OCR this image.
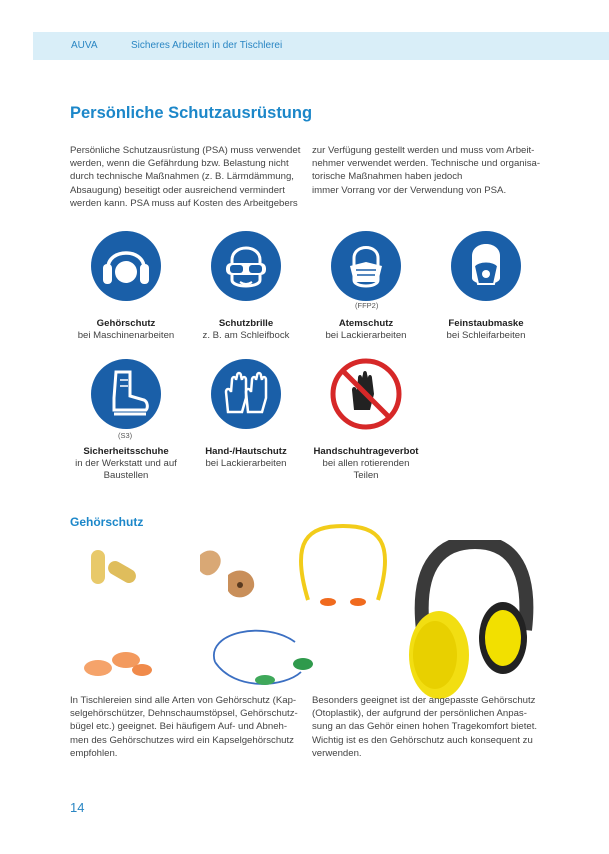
AUVA	Sicheres Arbeiten in der Tischlerei
Persönliche Schutzausrüstung

Persönliche Schutzausrüstung (PSA) muss verwendet
werden, wenn die Gefährdung bzw. Belastung nicht
durch technische Maßnahmen (z. B. Lärmdämmung,
Absaugung) beseitigt oder ausreichend vermindert
werden kann. PSA muss auf Kosten des Arbeitgebers

zur Verfügung gestellt werden und muss vom Arbeit-
nehmer verwendet werden. Technische und organisa-
torische Maßnahmen haben jedoch
immer Vorrang vor der Verwendung von PSA.

(FFP2)
Gehörschutz
bei Maschinenarbeiten
Schutzbrille
z. B. am Schleifbock
Atemschutz
bei Lackierarbeiten
Feinstaubmaske
bei Schleifarbeiten
(S3)
Sicherheitsschuhe
in der Werkstatt und auf
Baustellen
Hand-/Hautschutz
bei Lackierarbeiten
Handschuhtrageverbot
bei allen rotierenden
Teilen
Gehörschutz

In Tischlereien sind alle Arten von Gehörschutz (Kap-
selgehörschützer, Dehnschaumstöpsel, Gehörschutz-
bügel etc.) geeignet. Bei häufigem Auf- und Abneh-
men des Gehörschutzes wird ein Kapselgehörschutz
empfohlen.

Besonders geeignet ist der angepasste Gehörschutz
(Otoplastik), der aufgrund der persönlichen Anpas-
sung an das Gehör einen hohen Tragekomfort bietet.
Wichtig ist es den Gehörschutz auch konsequent zu
verwenden.

14
